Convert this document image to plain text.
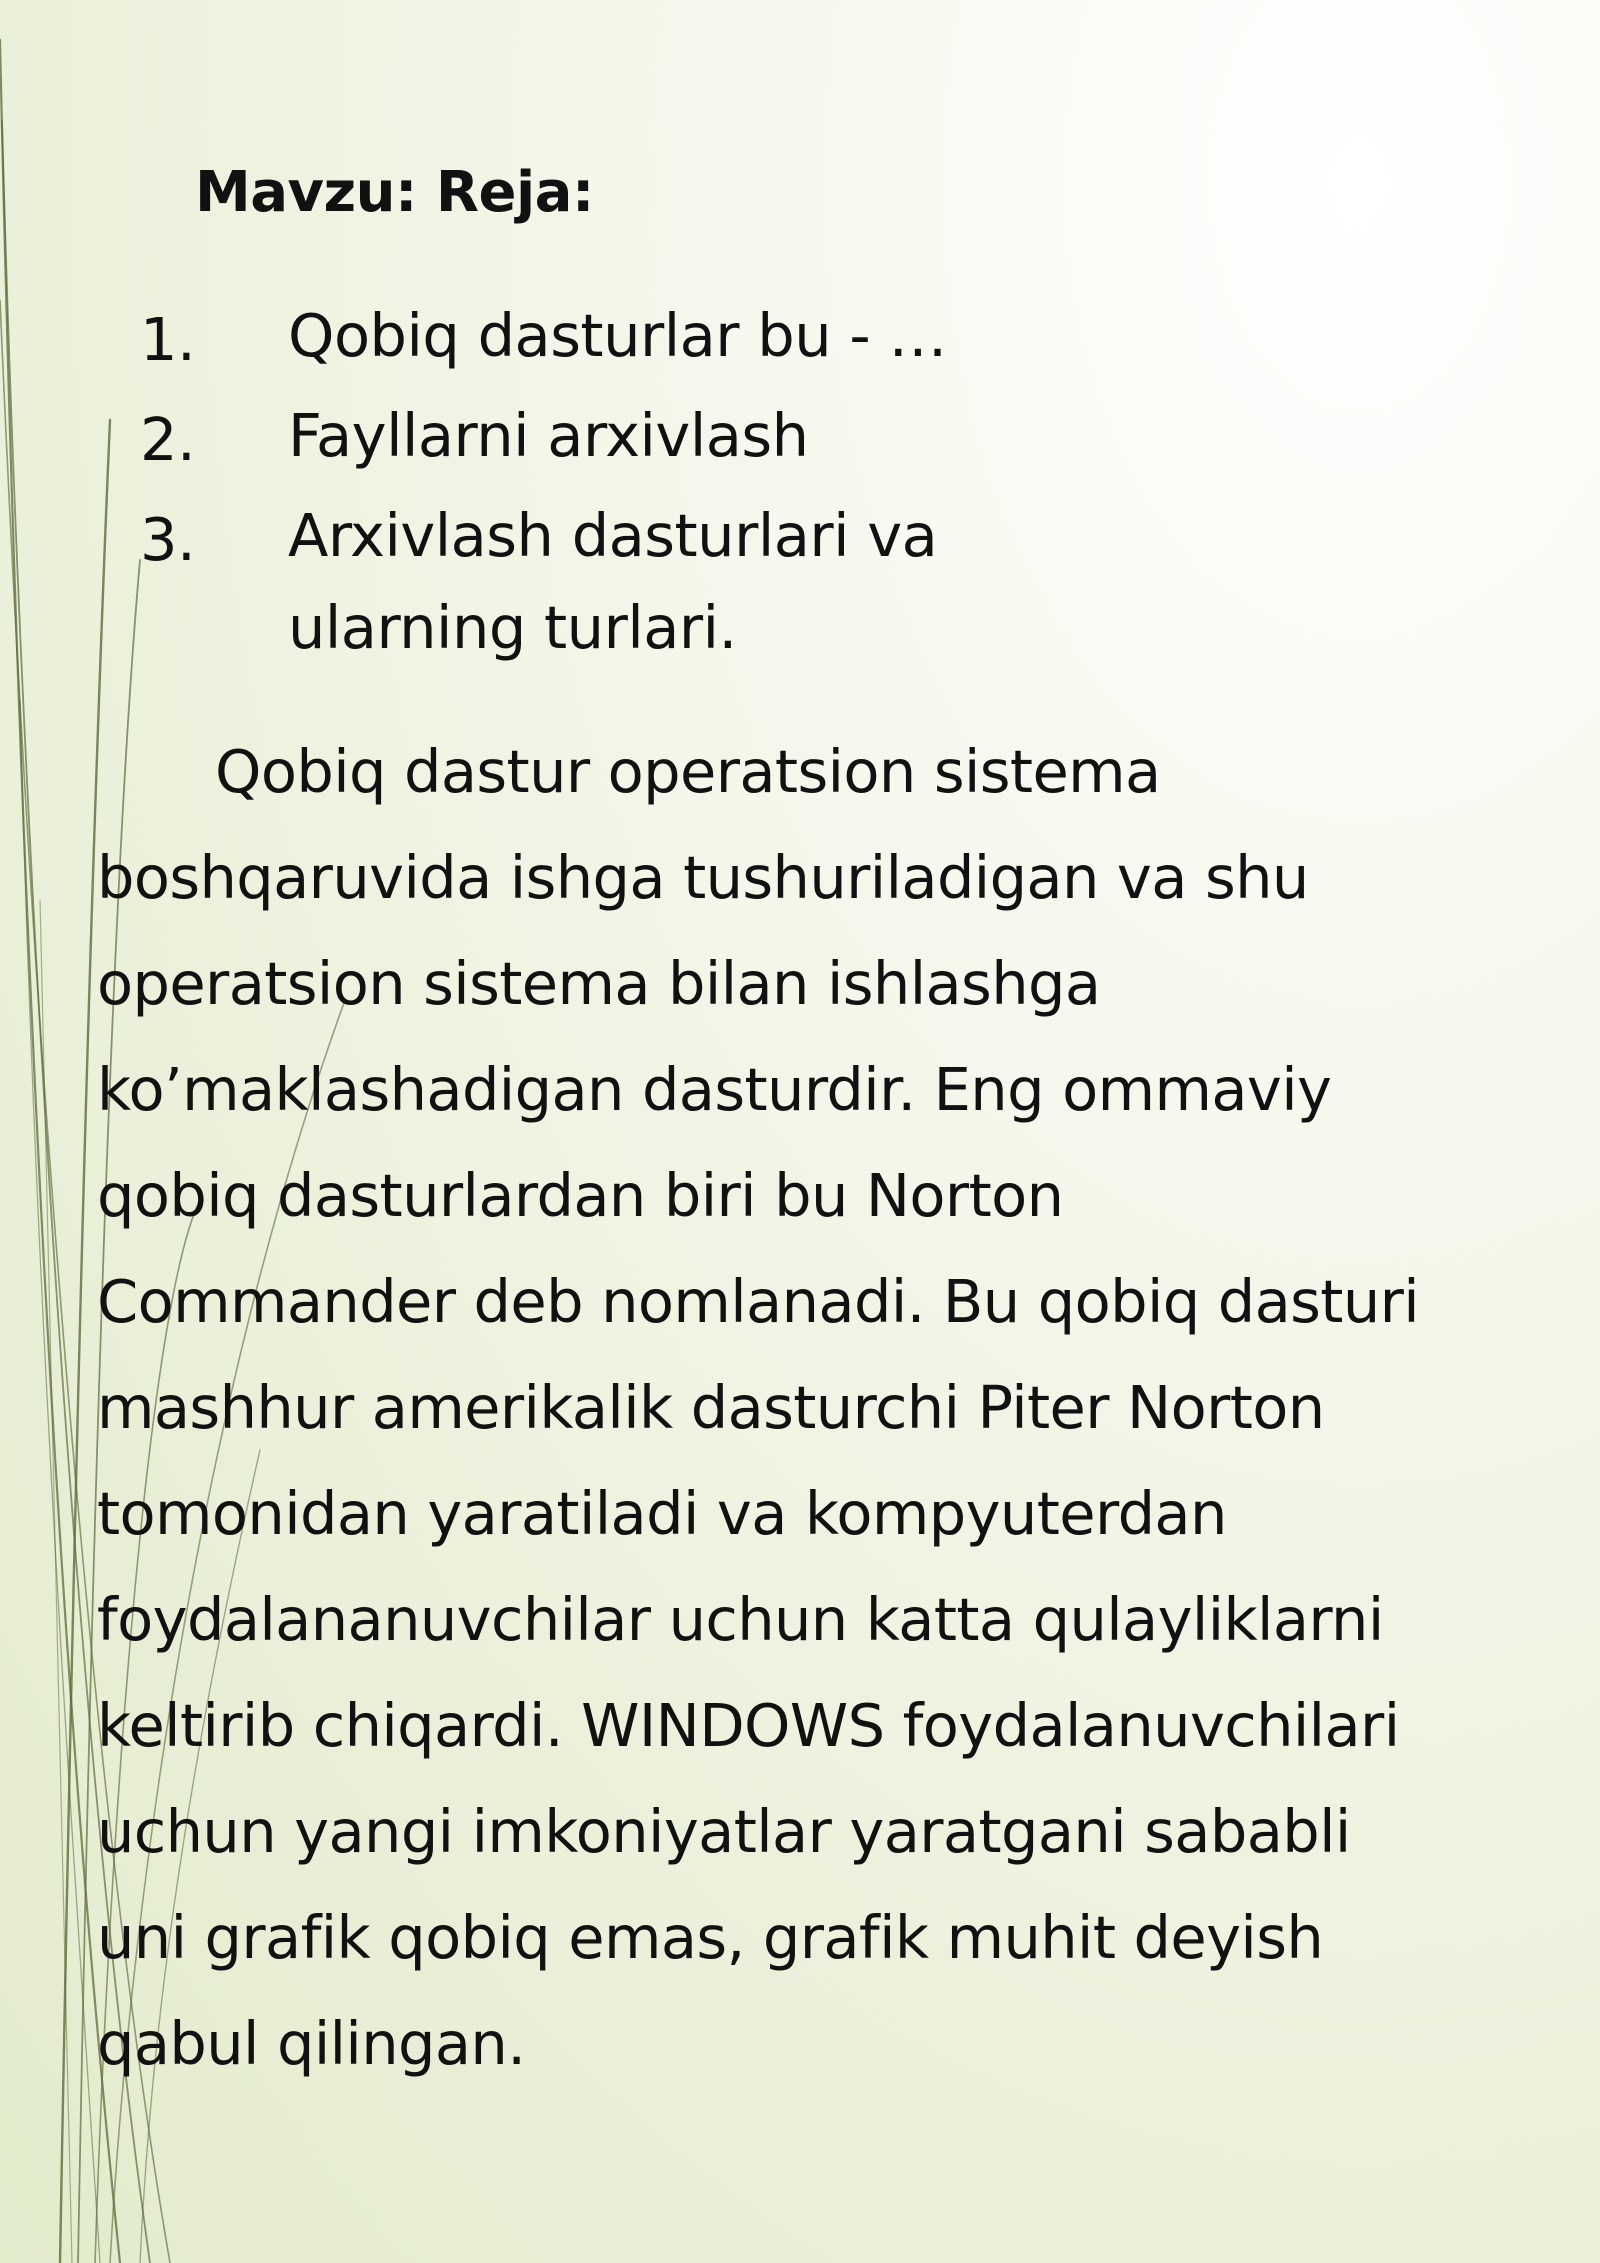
Mavzu: Reja:
1.	Qobiq dasturlar bu - …
2.	Fayllarni arxivlash
3.	Arxivlash dasturlari va ularning turlari.

Qobiq dastur operatsion sistema
boshqaruvida ishga tushuriladigan va shu
operatsion sistema bilan ishlashga
ko’maklashadigan dasturdir. Eng ommaviy
qobiq dasturlardan biri bu Norton
Commander deb nomlanadi. Bu qobiq dasturi
mashhur amerikalik dasturchi Piter Norton
tomonidan yaratiladi va kompyuterdan
foydalananuvchilar uchun katta qulayliklarni
keltirib chiqardi. WINDOWS foydalanuvchilari
uchun yangi imkoniyatlar yaratgani sababli
uni grafik qobiq emas, grafik muhit deyish
qabul qilingan.
